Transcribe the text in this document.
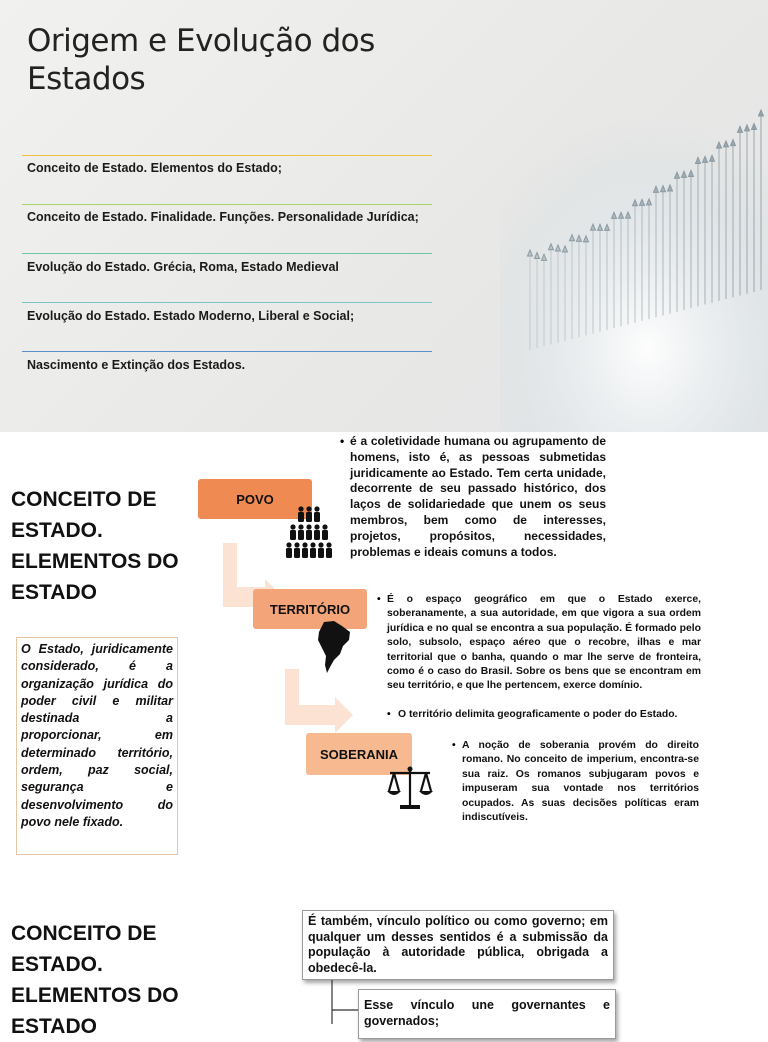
Origem e Evolução dos Estados
Conceito de Estado. Elementos do Estado;
Conceito de Estado. Finalidade. Funções. Personalidade Jurídica;
Evolução do Estado. Grécia, Roma, Estado Medieval
Evolução do Estado. Estado Moderno, Liberal e Social;
Nascimento e Extinção dos Estados.
CONCEITO DE ESTADO. ELEMENTOS DO ESTADO
O Estado, juridicamente considerado, é a organização jurídica do poder civil e militar destinada a proporcionar, em determinado território, ordem, paz social, segurança e desenvolvimento do povo nele fixado.
POVO
TERRITÓRIO
SOBERANIA
• é a coletividade humana ou agrupamento de homens, isto é, as pessoas submetidas juridicamente ao Estado. Tem certa unidade, decorrente de seu passado histórico, dos laços de solidariedade que unem os seus membros, bem como de interesses, projetos, propósitos, necessidades, problemas e ideais comuns a todos.
• É o espaço geográfico em que o Estado exerce, soberanamente, a sua autoridade, em que vigora a sua ordem jurídica e no qual se encontra a sua população. É formado pelo solo, subsolo, espaço aéreo que o recobre, ilhas e mar territorial que o banha, quando o mar lhe serve de fronteira, como é o caso do Brasil. Sobre os bens que se encontram em seu território, e que lhe pertencem, exerce domínio.
• O território delimita geograficamente o poder do Estado.
• A noção de soberania provém do direito romano. No conceito de imperium, encontra-se sua raiz. Os romanos subjugaram povos e impuseram sua vontade nos territórios ocupados. As suas decisões políticas eram indiscutíveis.
CONCEITO DE ESTADO. ELEMENTOS DO ESTADO
É também, vínculo político ou como governo; em qualquer um desses sentidos é a submissão da população à autoridade pública, obrigada a obedecê-la.
Esse vínculo une governantes e governados;
